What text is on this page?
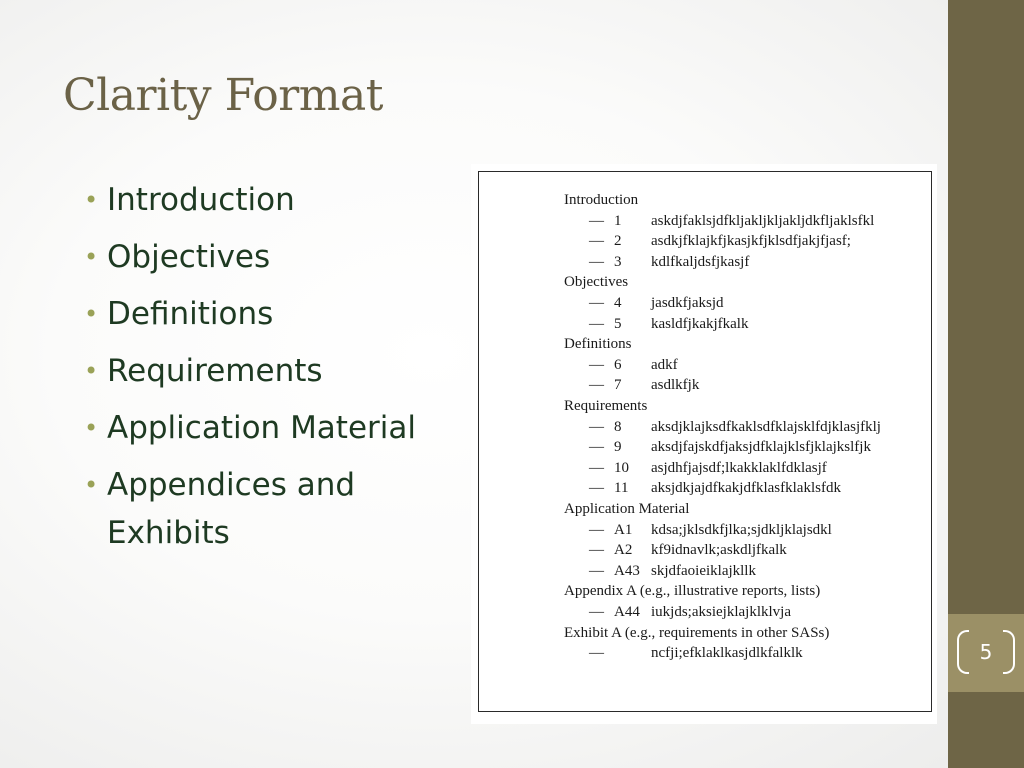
Clarity Format
• Introduction
• Objectives
• Definitions
• Requirements
• Application Material
• Appendices and Exhibits
Introduction
— 1 askdjfaklsjdfkljakljkljakljdkfljaklsfkl
— 2 asdkjfklajkfjkasjkfjklsdfjakjfjasf;
— 3 kdlfkaljdsfjkasjf
Objectives
— 4 jasdkfjaksjd
— 5 kasldfjkakjfkalk
Definitions
— 6 adkf
— 7 asdlkfjk
Requirements
— 8 aksdjklajksdfkaklsdfklajsklfdjklasjfklj
— 9 aksdjfajskdfjaksjdfklajklsfjklajkslfjk
— 10 asjdhfjajsdf;lkakklaklfdklasjf
— 11 aksjdkjajdfkakjdfklasfklaklsfdk
Application Material
— A1 kdsa;jklsdkfjlka;sjdkljklajsdkl
— A2 kf9idnavlk;askdljfkalk
— A43 skjdfaoieiklajkllk
Appendix A (e.g., illustrative reports, lists)
— A44 iukjds;aksiejklajklklvja
Exhibit A (e.g., requirements in other SASs)
—	ncfji;efklaklkasjdlkfalklk	5
